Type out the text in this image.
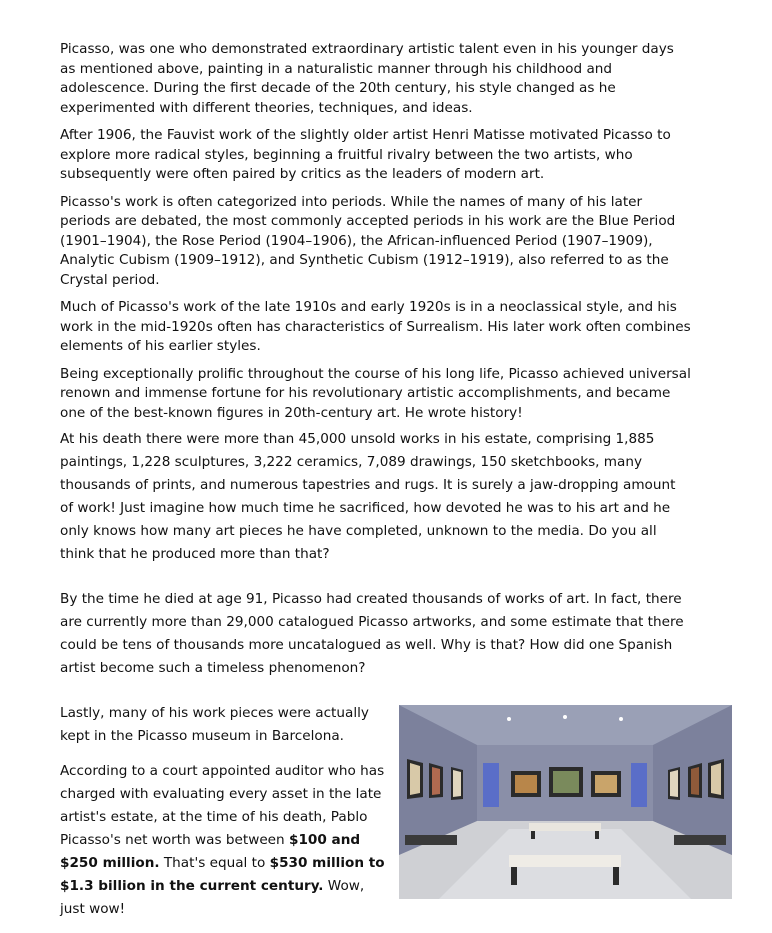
Picasso, was one who demonstrated extraordinary artistic talent even in his younger days as mentioned above, painting in a naturalistic manner through his childhood and adolescence. During the first decade of the 20th century, his style changed as he experimented with different theories, techniques, and ideas.

After 1906, the Fauvist work of the slightly older artist Henri Matisse motivated Picasso to explore more radical styles, beginning a fruitful rivalry between the two artists, who subsequently were often paired by critics as the leaders of modern art.

Picasso's work is often categorized into periods. While the names of many of his later periods are debated, the most commonly accepted periods in his work are the Blue Period (1901–1904), the Rose Period (1904–1906), the African-influenced Period (1907–1909), Analytic Cubism (1909–1912), and Synthetic Cubism (1912–1919), also referred to as the Crystal period.

Much of Picasso's work of the late 1910s and early 1920s is in a neoclassical style, and his work in the mid-1920s often has characteristics of Surrealism. His later work often combines elements of his earlier styles.

Being exceptionally prolific throughout the course of his long life, Picasso achieved universal renown and immense fortune for his revolutionary artistic accomplishments, and became one of the best-known figures in 20th-century art. He wrote history!

At his death there were more than 45,000 unsold works in his estate, comprising 1,885 paintings, 1,228 sculptures, 3,222 ceramics, 7,089 drawings, 150 sketchbooks, many thousands of prints, and numerous tapestries and rugs. It is surely a jaw-dropping amount of work! Just imagine how much time he sacrificed, how devoted he was to his art and he only knows how many art pieces he have completed, unknown to the media. Do you all think that he produced more than that?

By the time he died at age 91, Picasso had created thousands of works of art. In fact, there are currently more than 29,000 catalogued Picasso artworks, and some estimate that there could be tens of thousands more uncatalogued as well. Why is that? How did one Spanish artist become such a timeless phenomenon?

Lastly, many of his work pieces were actually kept in the Picasso museum in Barcelona.

According to a court appointed auditor who has charged with evaluating every asset in the late artist's estate, at the time of his death, Pablo Picasso's net worth was between $100 and $250 million. That's equal to $530 million to $1.3 billion in the current century. Wow, just wow!
